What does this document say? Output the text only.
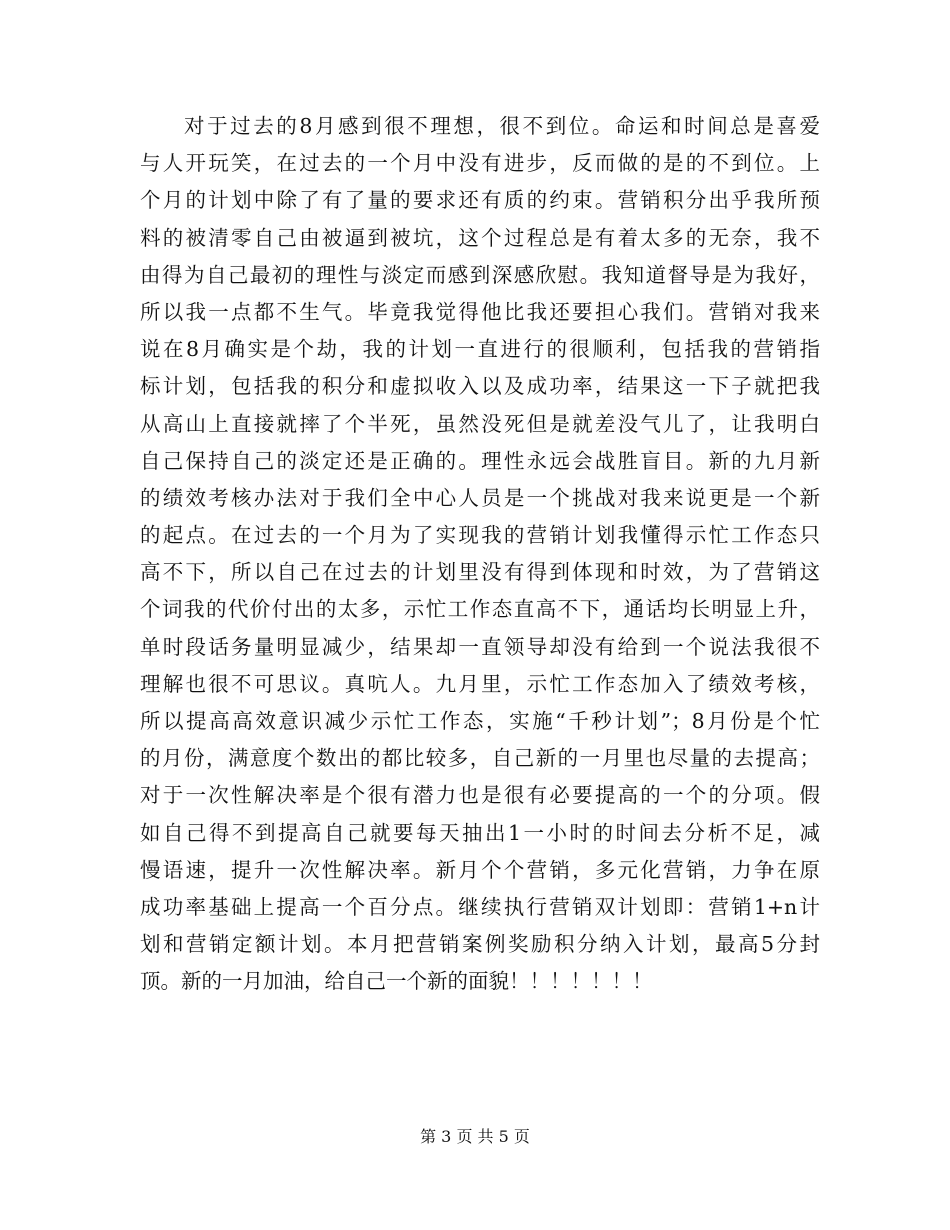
对于过去的8月感到很不理想，很不到位。命运和时间总是喜爱
与人开玩笑，在过去的一个月中没有进步，反而做的是的不到位。上
个月的计划中除了有了量的要求还有质的约束。营销积分出乎我所预
料的被清零自己由被逼到被坑，这个过程总是有着太多的无奈，我不
由得为自己最初的理性与淡定而感到深感欣慰。我知道督导是为我好，
所以我一点都不生气。毕竟我觉得他比我还要担心我们。营销对我来
说在8月确实是个劫，我的计划一直进行的很顺利，包括我的营销指
标计划，包括我的积分和虚拟收入以及成功率，结果这一下子就把我
从高山上直接就摔了个半死，虽然没死但是就差没气儿了，让我明白
自己保持自己的淡定还是正确的。理性永远会战胜盲目。新的九月新
的绩效考核办法对于我们全中心人员是一个挑战对我来说更是一个新
的起点。在过去的一个月为了实现我的营销计划我懂得示忙工作态只
高不下，所以自己在过去的计划里没有得到体现和时效，为了营销这
个词我的代价付出的太多，示忙工作态直高不下，通话均长明显上升，
单时段话务量明显减少，结果却一直领导却没有给到一个说法我很不
理解也很不可思议。真吭人。九月里，示忙工作态加入了绩效考核，
所以提高高效意识减少示忙工作态，实施“千秒计划”；8月份是个忙
的月份，满意度个数出的都比较多，自己新的一月里也尽量的去提高；
对于一次性解决率是个很有潜力也是很有必要提高的一个的分项。假
如自己得不到提高自己就要每天抽出1一小时的时间去分析不足，减
慢语速，提升一次性解决率。新月个个营销，多元化营销，力争在原
成功率基础上提高一个百分点。继续执行营销双计划即：营销1+n计
划和营销定额计划。本月把营销案例奖励积分纳入计划，最高5分封
顶。新的一月加油，给自己一个新的面貌！！！！！！！
第 3 页 共 5 页
